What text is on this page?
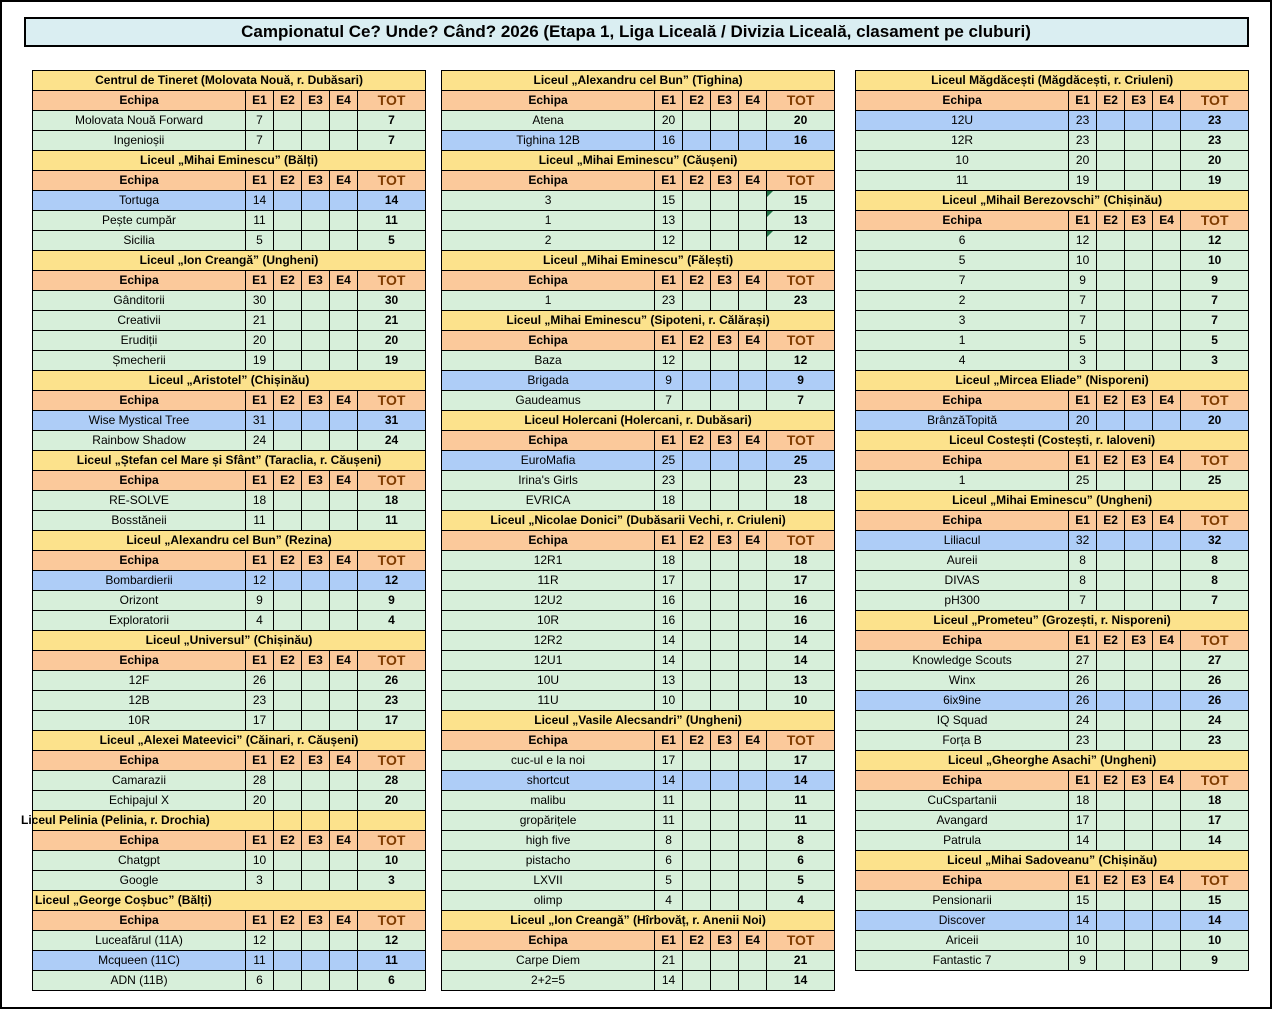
Campionatul Ce? Unde? Când? 2026 (Etapa 1, Liga Liceală / Divizia Liceală, clasament pe cluburi)
Centrul de Tineret (Molovata Nouă, r. Dubăsari)					
Echipa	E1	E2	E3	E4	TOT
Molovata Nouă Forward	7				7
Ingenioșii	7				7
Liceul „Mihai Eminescu” (Bălți)					
Echipa	E1	E2	E3	E4	TOT
Tortuga	14				14
Pește cumpăr	11				11
Sicilia	5				5
Liceul „Ion Creangă” (Ungheni)					
Echipa	E1	E2	E3	E4	TOT
Gânditorii	30				30
Creativii	21				21
Erudiții	20				20
Șmecherii	19				19
Liceul „Aristotel” (Chișinău)					
Echipa	E1	E2	E3	E4	TOT
Wise Mystical Tree	31				31
Rainbow Shadow	24				24
Liceul „Ștefan cel Mare și Sfânt” (Taraclia, r. Căușeni)					
Echipa	E1	E2	E3	E4	TOT
RE-SOLVE	18				18
Bosstăneii	11				11
Liceul „Alexandru cel Bun” (Rezina)					
Echipa	E1	E2	E3	E4	TOT
Bombardierii	12				12
Orizont	9				9
Exploratorii	4				4
Liceul „Universul” (Chișinău)					
Echipa	E1	E2	E3	E4	TOT
12F	26				26
12B	23				23
10R	17				17
Liceul „Alexei Mateevici” (Căinari, r. Căușeni)					
Echipa	E1	E2	E3	E4	TOT
Camarazii	28				28
Echipajul X	20				20
Liceul Pelinia (Pelinia, r. Drochia)					
Echipa	E1	E2	E3	E4	TOT
Chatgpt	10				10
Google	3				3
Liceul „George Coșbuc” (Bălți)					
Echipa	E1	E2	E3	E4	TOT
Luceafărul (11A)	12				12
Mcqueen (11C)	11				11
ADN (11B)	6				6
Liceul „Alexandru cel Bun” (Tighina)					
Echipa	E1	E2	E3	E4	TOT
Atena	20				20
Tighina 12B	16				16
Liceul „Mihai Eminescu” (Căușeni)					
Echipa	E1	E2	E3	E4	TOT
3	15				15
1	13				13
2	12				12
Liceul „Mihai Eminescu” (Fălești)					
Echipa	E1	E2	E3	E4	TOT
1	23				23
Liceul „Mihai Eminescu” (Sipoteni, r. Călărași)					
Echipa	E1	E2	E3	E4	TOT
Baza	12				12
Brigada	9				9
Gaudeamus	7				7
Liceul Holercani (Holercani, r. Dubăsari)					
Echipa	E1	E2	E3	E4	TOT
EuroMafia	25				25
Irina's Girls	23				23
EVRICA	18				18
Liceul „Nicolae Donici” (Dubăsarii Vechi, r. Criuleni)					
Echipa	E1	E2	E3	E4	TOT
12R1	18				18
11R	17				17
12U2	16				16
10R	16				16
12R2	14				14
12U1	14				14
10U	13				13
11U	10				10
Liceul „Vasile Alecsandri” (Ungheni)					
Echipa	E1	E2	E3	E4	TOT
cuc-ul e la noi	17				17
shortcut	14				14
malibu	11				11
gropărițele	11				11
high five	8				8
pistacho	6				6
LXVII	5				5
olimp	4				4
Liceul „Ion Creangă” (Hîrbovăț, r. Anenii Noi)					
Echipa	E1	E2	E3	E4	TOT
Carpe Diem	21				21
2+2=5	14				14
Liceul Măgdăcești (Măgdăcești, r. Criuleni)					
Echipa	E1	E2	E3	E4	TOT
12U	23				23
12R	23				23
10	20				20
11	19				19
Liceul „Mihail Berezovschi” (Chișinău)					
Echipa	E1	E2	E3	E4	TOT
6	12				12
5	10				10
7	9				9
2	7				7
3	7				7
1	5				5
4	3				3
Liceul „Mircea Eliade” (Nisporeni)					
Echipa	E1	E2	E3	E4	TOT
BrânzăTopită	20				20
Liceul Costești (Costești, r. Ialoveni)					
Echipa	E1	E2	E3	E4	TOT
1	25				25
Liceul „Mihai Eminescu” (Ungheni)					
Echipa	E1	E2	E3	E4	TOT
Liliacul	32				32
Aureii	8				8
DIVAS	8				8
pH300	7				7
Liceul „Prometeu” (Grozești, r. Nisporeni)					
Echipa	E1	E2	E3	E4	TOT
Knowledge Scouts	27				27
Winx	26				26
6ix9ine	26				26
IQ Squad	24				24
Forța B	23				23
Liceul „Gheorghe Asachi” (Ungheni)					
Echipa	E1	E2	E3	E4	TOT
CuCspartanii	18				18
Avangard	17				17
Patrula	14				14
Liceul „Mihai Sadoveanu” (Chișinău)					
Echipa	E1	E2	E3	E4	TOT
Pensionarii	15				15
Discover	14				14
Ariceii	10				10
Fantastic 7	9				9
